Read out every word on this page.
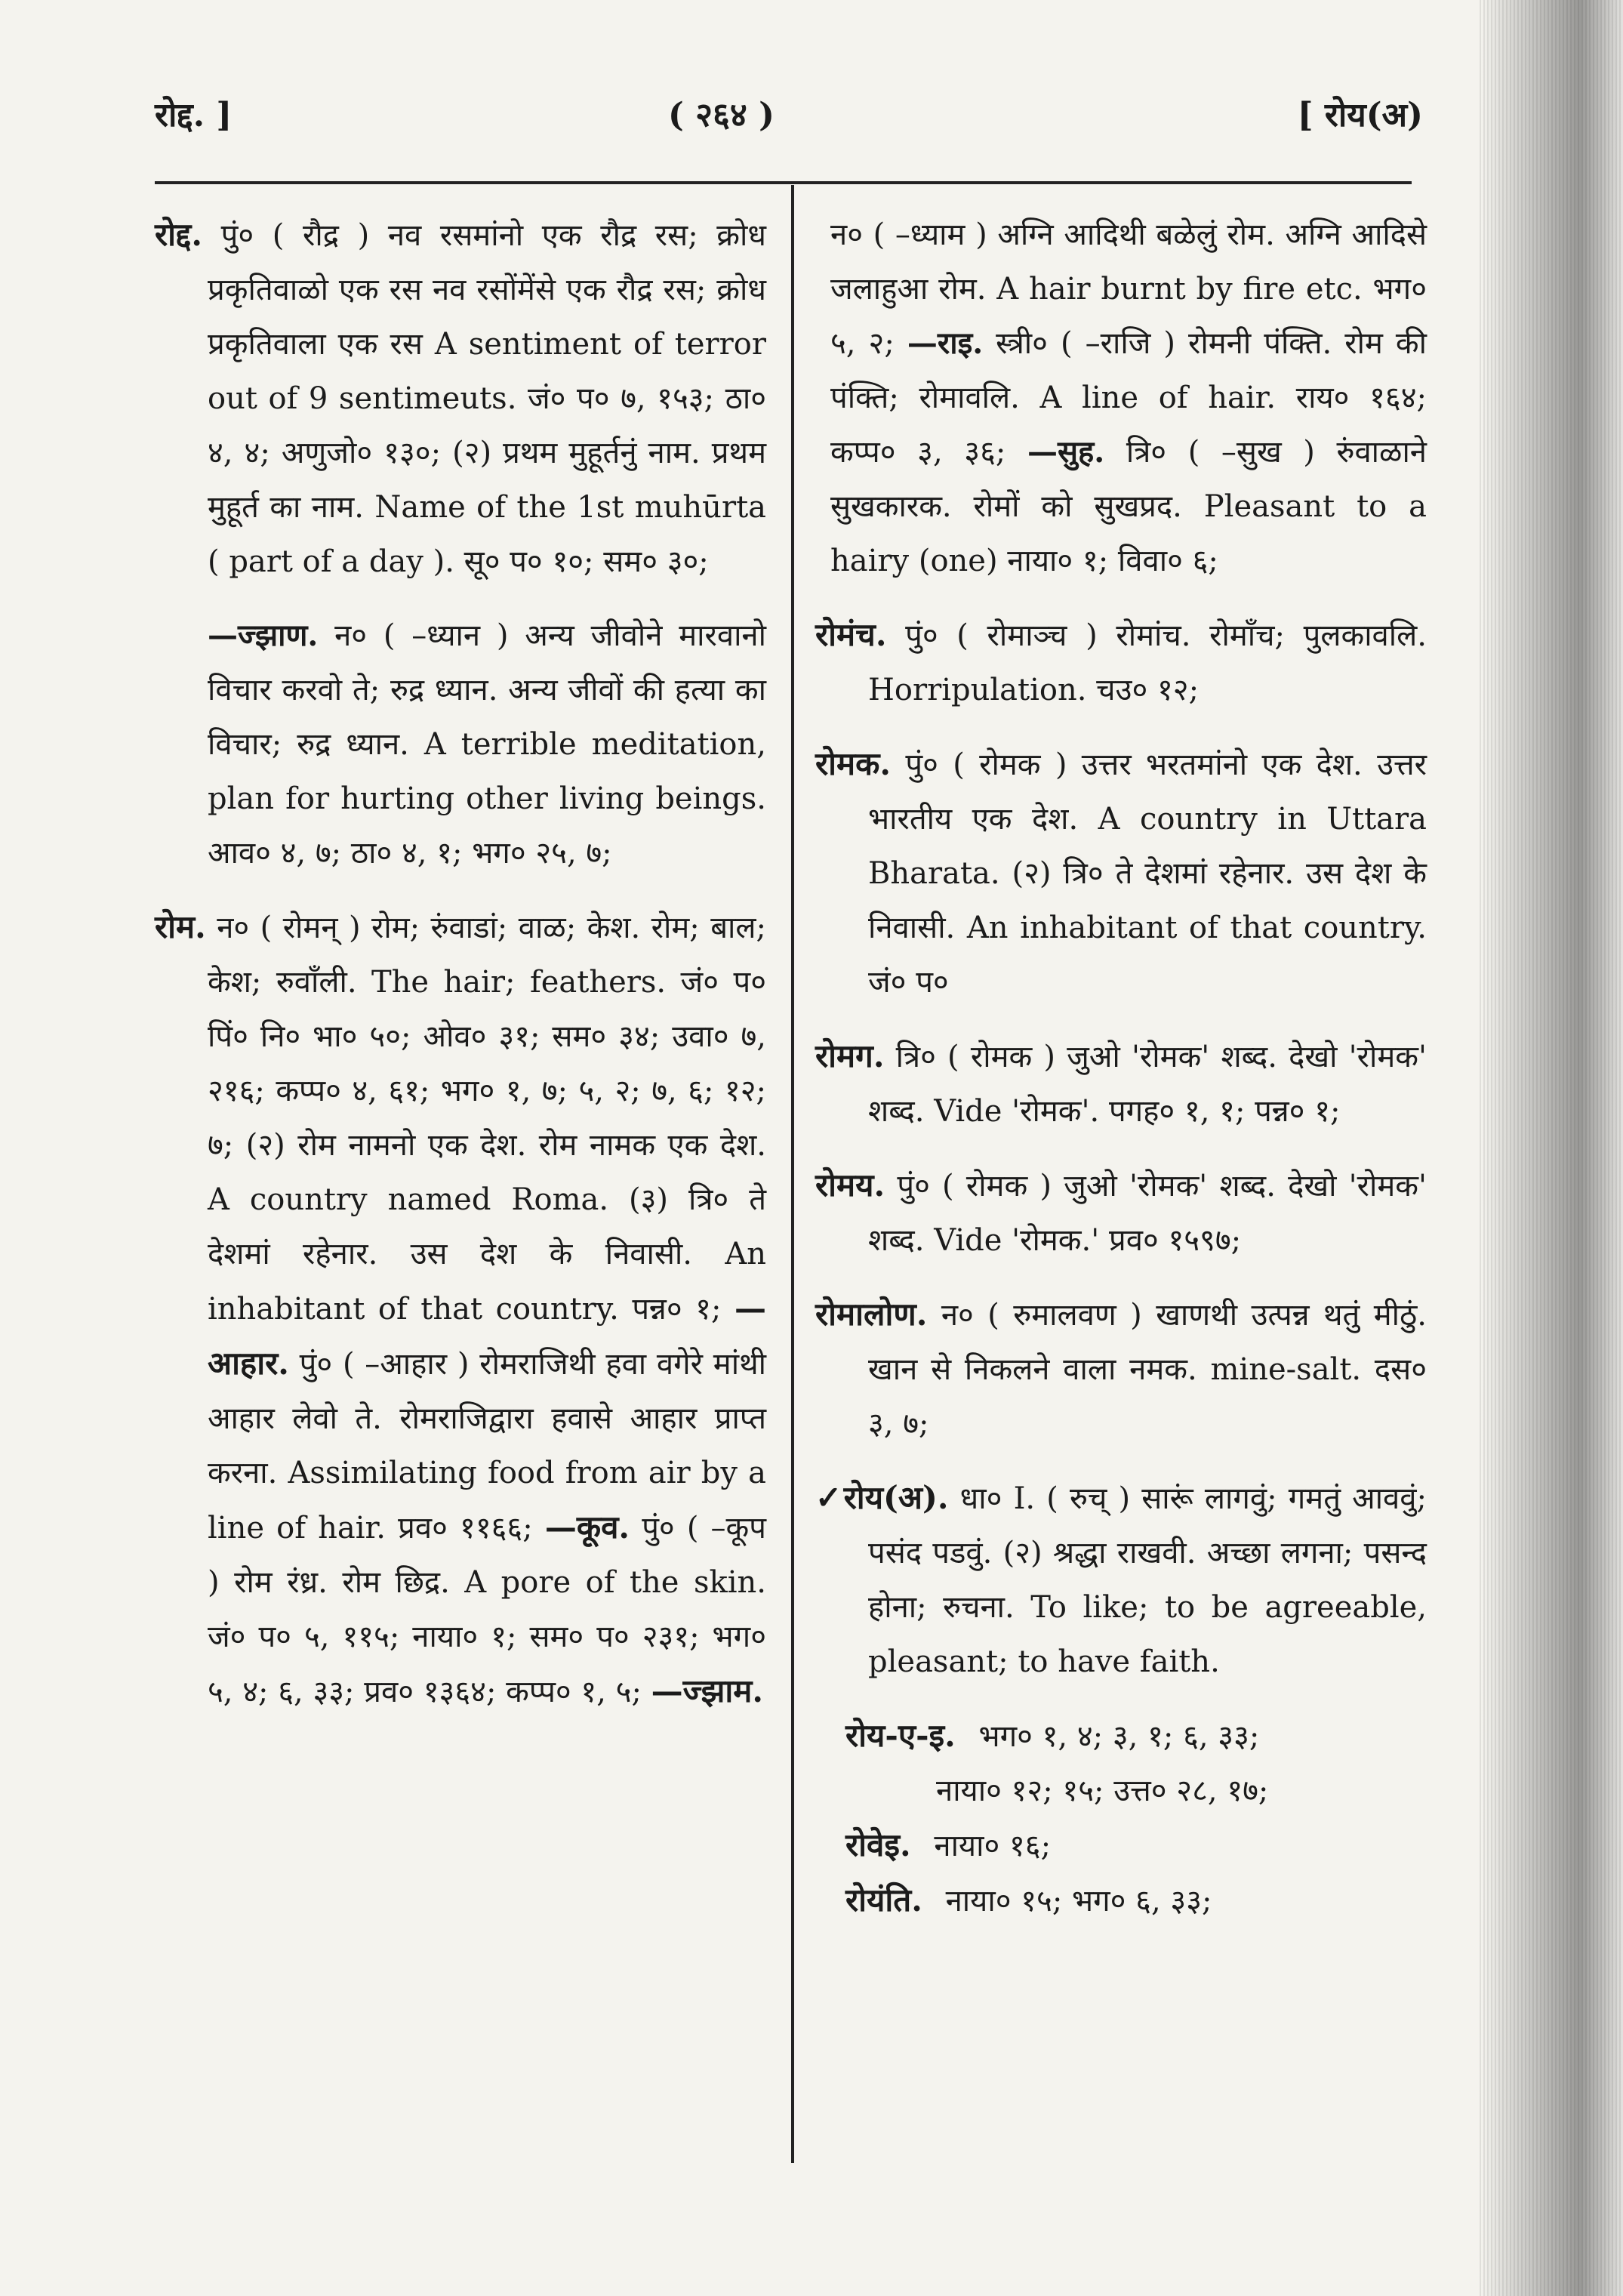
रोद्द. ]	( २६४ )	[ रोय(अ)

रोद्द. पुं० ( रौद्र ) नव रसमांनो एक रौद्र रस; क्रोध प्रकृतिवाळो एक रस नव रसोंमेंसे एक रौद्र रस; क्रोध प्रकृतिवाला एक रस A sentiment of terror out of 9 sentimeuts. जं० प० ७, १५३; ठा० ४, ४; अणुजो० १३०; (२) प्रथम मुहूर्तनुं नाम. प्रथम मुहूर्त का नाम. Name of the 1st muhūrta ( part of a day ). सू० प० १०; सम० ३०;

—ज्झाण. न० ( –ध्यान ) अन्य जीवोने मारवानो विचार करवो ते; रुद्र ध्यान. अन्य जीवों की हत्या का विचार; रुद्र ध्यान. A terrible meditation, plan for hurting other living beings. आव० ४, ७; ठा० ४, १; भग० २५, ७;

रोम. न० ( रोमन् ) रोम; रुंवाडां; वाळ; केश. रोम; बाल; केश; रुवाँली. The hair; feathers. जं० प० पिं० नि० भा० ५०; ओव० ३१; सम० ३४; उवा० ७, २१६; कप्प० ४, ६१; भग० १, ७; ५, २; ७, ६; १२; ७; (२) रोम नामनो एक देश. रोम नामक एक देश. A country named Roma. (३) त्रि० ते देशमां रहेनार. उस देश के निवासी. An inhabitant of that country. पन्न० १; —आहार. पुं० ( –आहार ) रोमराजिथी हवा वगेरे मांथी आहार लेवो ते. रोमराजिद्वारा हवासे आहार प्राप्त करना. Assimilating food from air by a line of hair. प्रव० ११६६; —कूव. पुं० ( –कूप ) रोम रंध्र. रोम छिद्र. A pore of the skin. जं० प० ५, ११५; नाया० १; सम० प० २३१; भग० ५, ४; ६, ३३; प्रव० १३६४; कप्प० १, ५; —ज्झाम.

न० ( –ध्याम ) अग्नि आदिथी बळेलुं रोम. अग्नि आदिसे जलाहुआ रोम. A hair burnt by fire etc. भग० ५, २; —राइ. स्त्री० ( –राजि ) रोमनी पंक्ति. रोम की पंक्ति; रोमावलि. A line of hair. राय० १६४; कप्प० ३, ३६; —सुह. त्रि० ( –सुख ) रुंवाळाने सुखकारक. रोमों को सुखप्रद. Pleasant to a hairy (one) नाया० १; विवा० ६;

रोमंच. पुं० ( रोमाञ्च ) रोमांच. रोमाँच; पुलकावलि. Horripulation. चउ० १२;

रोमक. पुं० ( रोमक ) उत्तर भरतमांनो एक देश. उत्तर भारतीय एक देश. A country in Uttara Bharata. (२) त्रि० ते देशमां रहेनार. उस देश के निवासी. An inhabitant of that country. जं० प०

रोमग. त्रि० ( रोमक ) जुओ 'रोमक' शब्द. देखो 'रोमक' शब्द. Vide 'रोमक'. पगह० १, १; पन्न० १;

रोमय. पुं० ( रोमक ) जुओ 'रोमक' शब्द. देखो 'रोमक' शब्द. Vide 'रोमक.' प्रव० १५९७;

रोमालोण. न० ( रुमालवण ) खाणथी उत्पन्न थतुं मीठुं. खान से निकलने वाला नमक. mine-salt. दस० ३, ७;

✓रोय(अ). धा० I. ( रुच् ) सारूं लागवुं; गमतुं आववुं; पसंद पडवुं. (२) श्रद्धा राखवी. अच्छा लगना; पसन्द होना; रुचना. To like; to be agreeable, pleasant; to have faith.

रोय-ए-इ. भग० १, ४; ३, १; ६, ३३;
नाया० १२; १५; उत्त० २८, १७;
रोवेइ. नाया० १६;
रोयंति. नाया० १५; भग० ६, ३३;
